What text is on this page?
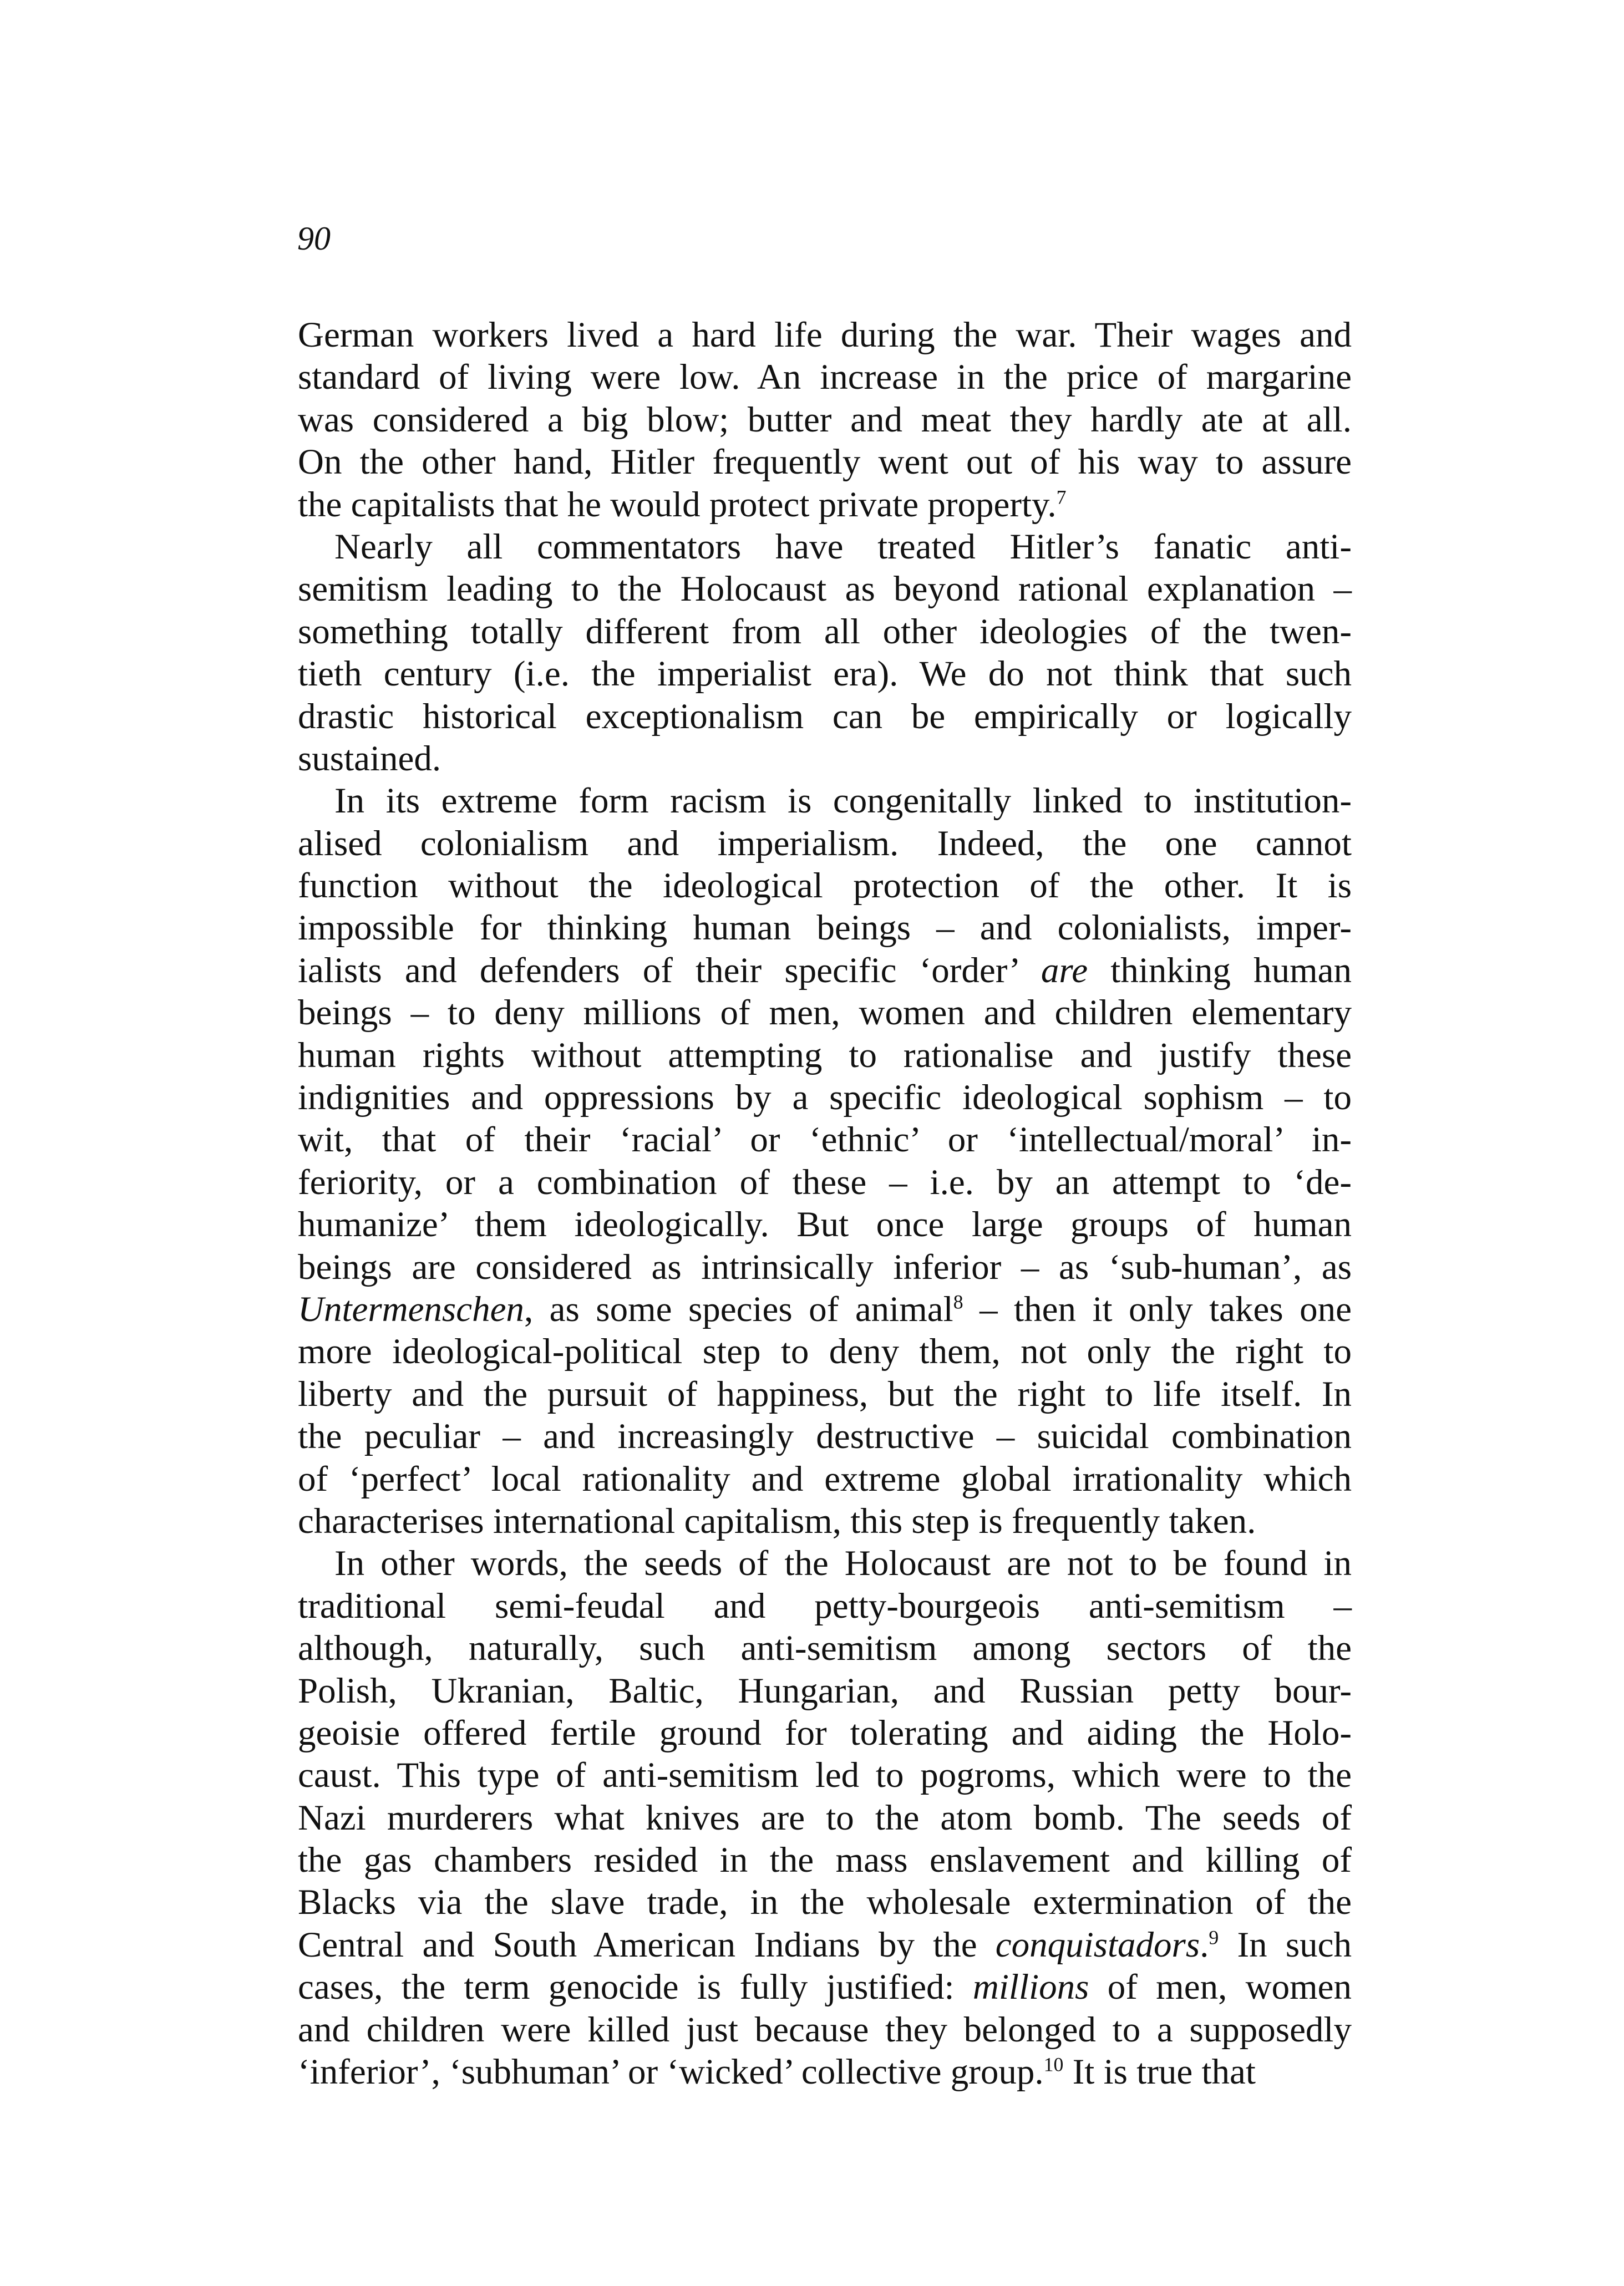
90
German workers lived a hard life during the war. Their wages and
standard of living were low. An increase in the price of margarine
was considered a big blow; butter and meat they hardly ate at all.
On the other hand, Hitler frequently went out of his way to assure
the capitalists that he would protect private property.$^7$
Nearly all commentators have treated Hitler’s fanatic anti-
semitism leading to the Holocaust as beyond rational explanation –
something totally different from all other ideologies of the twen-
tieth century (i.e. the imperialist era). We do not think that such
drastic historical exceptionalism can be empirically or logically
sustained.
In its extreme form racism is congenitally linked to institution-
alised colonialism and imperialism. Indeed, the one cannot
function without the ideological protection of the other. It is
impossible for thinking human beings – and colonialists, imper-
ialists and defenders of their specific ‘order’ are thinking human
beings – to deny millions of men, women and children elementary
human rights without attempting to rationalise and justify these
indignities and oppressions by a specific ideological sophism – to
wit, that of their ‘racial’ or ‘ethnic’ or ‘intellectual/moral’ in-
feriority, or a combination of these – i.e. by an attempt to ‘de-
humanize’ them ideologically. But once large groups of human
beings are considered as intrinsically inferior – as ‘sub-human’, as
Untermenschen, as some species of animal$^8$ – then it only takes one
more ideological-political step to deny them, not only the right to
liberty and the pursuit of happiness, but the right to life itself. In
the peculiar – and increasingly destructive – suicidal combination
of ‘perfect’ local rationality and extreme global irrationality which
characterises international capitalism, this step is frequently taken.
In other words, the seeds of the Holocaust are not to be found in
traditional semi-feudal and petty-bourgeois anti-semitism –
although, naturally, such anti-semitism among sectors of the
Polish, Ukranian, Baltic, Hungarian, and Russian petty bour-
geoisie offered fertile ground for tolerating and aiding the Holo-
caust. This type of anti-semitism led to pogroms, which were to the
Nazi murderers what knives are to the atom bomb. The seeds of
the gas chambers resided in the mass enslavement and killing of
Blacks via the slave trade, in the wholesale extermination of the
Central and South American Indians by the conquistadors.$^9$ In such
cases, the term genocide is fully justified: millions of men, women
and children were killed just because they belonged to a supposedly
‘inferior’, ‘subhuman’ or ‘wicked’ collective group.$^{10}$ It is true that
